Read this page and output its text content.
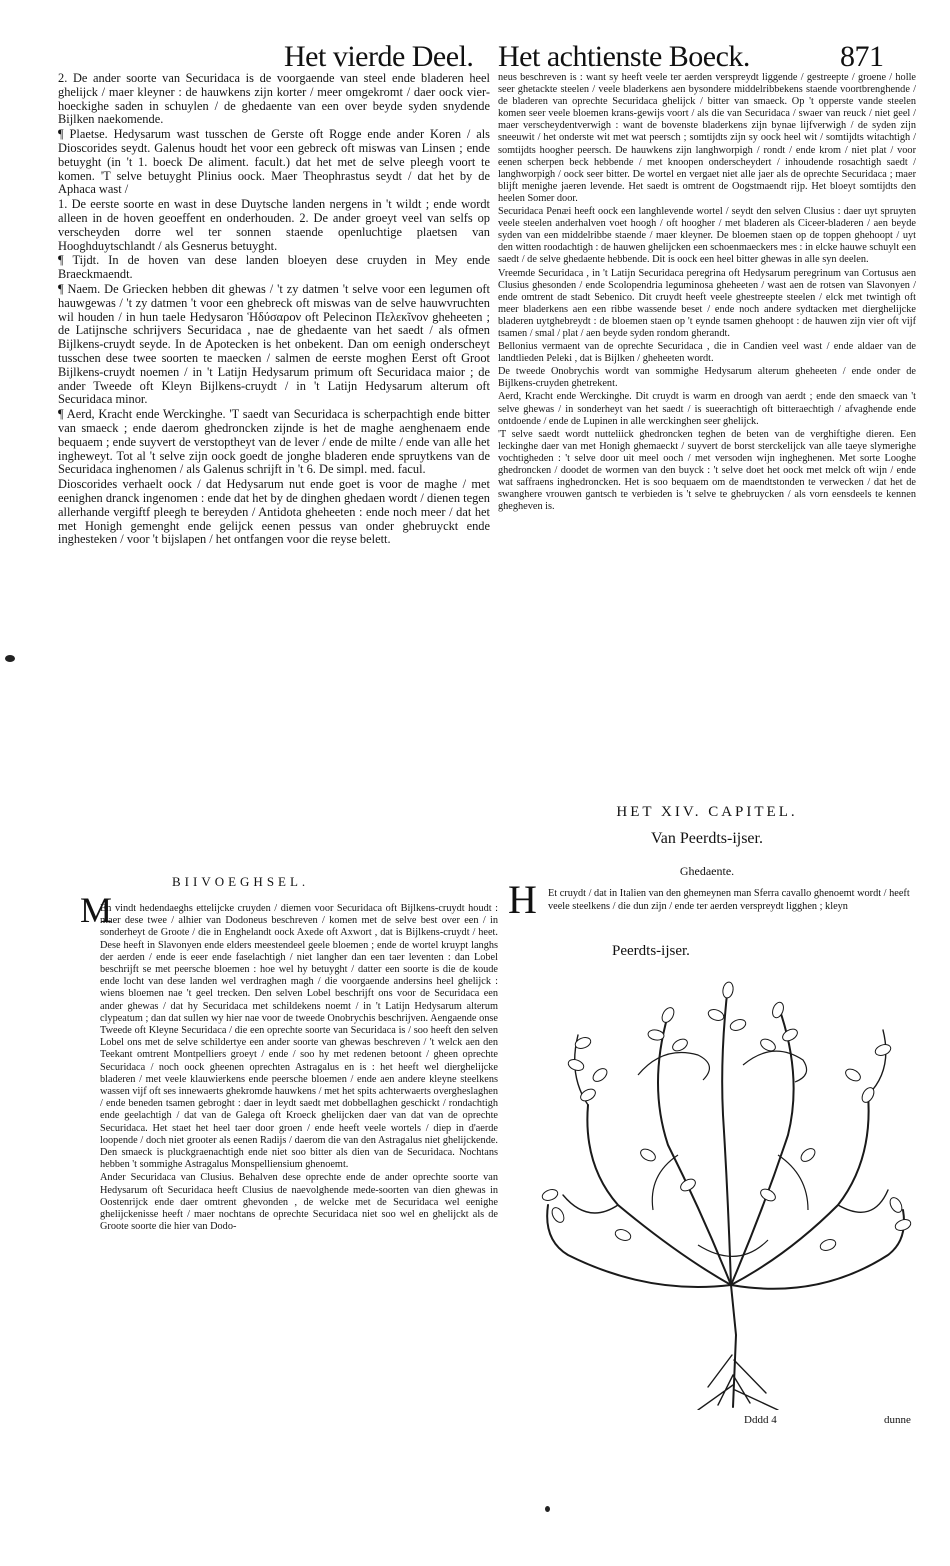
Het vierde Deel. Het achtienste Boeck.	871

2. De ander soorte van Securidaca is de voorgaende van steel ende bladeren heel ghelijck / maer kleyner : de hauwkens zijn korter / meer omgekromt / daer oock vier-hoeckighe saden in schuylen / de ghedaente van een over beyde syden snydende Bijlken naekomende.

¶ Plaetse. Hedysarum wast tusschen de Gerste oft Rogge ende ander Koren / als Dioscorides seydt. Galenus houdt het voor een gebreck oft miswas van Linsen ; ende betuyght (in 't 1. boeck De aliment. facult.) dat het met de selve pleegh voort te komen. 'T selve betuyght Plinius oock. Maer Theophrastus seydt / dat het by de Aphaca wast /

1. De eerste soorte en wast in dese Duytsche landen nergens in 't wildt ; ende wordt alleen in de hoven geoeffent en onderhouden. 2. De ander groeyt veel van selfs op verscheyden dorre wel ter sonnen staende openluchtige plaetsen van Hooghduytschlandt / als Gesnerus betuyght.

¶ Tijdt. In de hoven van dese landen bloeyen dese cruyden in Mey ende Braeckmaendt.

¶ Naem. De Griecken hebben dit ghewas / 't zy datmen 't selve voor een legumen oft hauwgewas / 't zy datmen 't voor een ghebreck oft miswas van de selve hauwvruchten wil houden / in hun taele Hedysaron Ἡδύσαρον oft Pelecinon Πελεκῖνον gheheeten ; de Latijnsche schrijvers Securidaca , nae de ghedaente van het saedt / als ofmen Bijlkens-cruydt seyde. In de Apotecken is het onbekent. Dan om eenigh onderscheyt tusschen dese twee soorten te maecken / salmen de eerste moghen Eerst oft Groot Bijlkens-cruydt noemen / in 't Latijn Hedysarum primum oft Securidaca maior ; de ander Tweede oft Kleyn Bijlkens-cruydt / in 't Latijn Hedysarum alterum oft Securidaca minor.

¶ Aerd, Kracht ende Werckinghe. 'T saedt van Securidaca is scherpachtigh ende bitter van smaeck ; ende daerom ghedroncken zijnde is het de maghe aenghenaem ende bequaem ; ende suyvert de verstoptheyt van de lever / ende de milte / ende van alle het ingheweyt. Tot al 't selve zijn oock goedt de jonghe bladeren ende spruytkens van de Securidaca inghenomen / als Galenus schrijft in 't 6. De simpl. med. facul.

Dioscorides verhaelt oock / dat Hedysarum nut ende goet is voor de maghe / met eenighen dranck ingenomen : ende dat het by de dinghen ghedaen wordt / dienen tegen allerhande vergiftf pleegh te bereyden / Antidota gheheeten : ende noch meer / dat het met Honigh gemenght ende gelijck eenen pessus van onder ghebruyckt ende inghesteken / voor 't bijslapen / het ontfangen voor die reyse belett.

BIIVOEGHSEL.
M

En vindt hedendaeghs ettelijcke cruyden / diemen voor Securidaca oft Bijlkens-cruydt houdt : maer dese twee / alhier van Dodoneus beschreven / komen met de selve best over een / in sonderheyt de Groote / die in Enghelandt oock Axede oft Axwort , dat is Bijlkens-cruydt / heet. Dese heeft in Slavonyen ende elders meestendeel geele bloemen ; ende de wortel kruypt langhs der aerden / ende is eeer ende faselachtigh / niet langher dan een taer leventen : dan Lobel beschrijft se met peersche bloemen : hoe wel hy betuyght / datter een soorte is die de koude ende locht van dese landen wel verdraghen magh / die voorgaende andersins heel ghelijck : wiens bloemen nae 't geel trecken. Den selven Lobel beschrijft ons voor de Securidaca een ander ghewas / dat hy Securidaca met schildekens noemt / in 't Latijn Hedysarum alterum clypeatum ; dan dat sullen wy hier nae voor de tweede Onobrychis beschrijven. Aengaende onse Tweede oft Kleyne Securidaca / die een oprechte soorte van Securidaca is / soo heeft den selven Lobel ons met de selve schildertye een ander soorte van ghewas beschreven / 't welck aen den Teekant omtrent Montpelliers groeyt / ende / soo hy met redenen betoont / gheen oprechte Securidaca / noch oock gheenen oprechten Astragalus en is : het heeft wel dierghelijcke bladeren / met veele klauwierkens ende peersche bloemen / ende aen andere kleyne steelkens wassen vijf oft ses innewaerts ghekromde hauwkens / met het spits achterwaerts overgheslaghen / ende beneden tsamen gebroght : daer in leydt saedt met dobbellaghen geschickt / rondachtigh ende geelachtigh / dat van de Galega oft Kroeck ghelijcken daer van dat van de oprechte Securidaca. Het staet het heel taer door groen / ende heeft veele wortels / diep in d'aerde loopende / doch niet grooter als eenen Radijs / daerom die van den Astragalus niet ghelijckende. Den smaeck is pluckgraenachtigh ende niet soo bitter als dien van de Securidaca. Nochtans hebben 't sommighe Astragalus Monspelliensium ghenoemt.

Ander Securidaca van Clusius. Behalven dese oprechte ende de ander oprechte soorte van Hedysarum oft Securidaca heeft Clusius de naevolghende mede-soorten van dien ghewas in Oostenrijck ende daer omtrent ghevonden , de welcke met de Securidaca wel eenighe ghelijckenisse heeft / maer nochtans de oprechte Securidaca niet soo wel en ghelijckt als de Groote soorte die hier van Dodo-

neus beschreven is : want sy heeft veele ter aerden verspreydt liggende / gestreepte / groene / holle seer ghetackte steelen / veele bladerkens aen bysondere middelribbekens staende voortbrenghende / de bladeren van oprechte Securidaca ghelijck / bitter van smaeck. Op 't opperste vande steelen komen seer veele bloemen krans-gewijs voort / als die van Securidaca / swaer van reuck / niet geel / maer verscheydentverwigh : want de bovenste bladerkens zijn bynae lijfverwigh / de syden zijn sneeuwit / het onderste wit met wat peersch ; somtijdts zijn sy oock heel wit / somtijdts witachtigh / somtijdts hoogher peersch. De hauwkens zijn langhworpigh / rondt / ende krom / niet plat / voor eenen scherpen beck hebbende / met knoopen onderscheydert / inhoudende rosachtigh saedt / langhworpigh / oock seer bitter. De wortel en vergaet niet alle jaer als de oprechte Securidaca ; maer blijft menighe jaeren levende. Het saedt is omtrent de Oogstmaendt rijp. Het bloeyt somtijdts den heelen Somer door.

Securidaca Penæi heeft oock een langhlevende wortel / seydt den selven Clusius : daer uyt spruyten veele steelen anderhalven voet hoogh / oft hoogher / met bladeren als Ciceer-bladeren / aen beyde syden van een middelribbe staende / maer kleyner. De bloemen staen op de toppen ghehoopt / uyt den witten roodachtigh : de hauwen ghelijcken een schoenmaeckers mes : in elcke hauwe schuylt een saedt / de selve ghedaente hebbende. Dit is oock een heel bitter ghewas in alle syn deelen.

Vreemde Securidaca , in 't Latijn Securidaca peregrina oft Hedysarum peregrinum van Cortusus aen Clusius ghesonden / ende Scolopendria leguminosa gheheeten / wast aen de rotsen van Slavonyen / ende omtrent de stadt Sebenico. Dit cruydt heeft veele ghestreepte steelen / elck met twintigh oft meer bladerkens aen een ribbe wassende beset / ende noch andere sydtacken met dierghelijcke bladeren uytghebreydt : de bloemen staen op 't eynde tsamen ghehoopt : de hauwen zijn vier oft vijf tsamen / smal / plat / aen beyde syden rondom gherandt.

Bellonius vermaent van de oprechte Securidaca , die in Candien veel wast / ende aldaer van de landtlieden Peleki , dat is Bijlken / gheheeten wordt.

De tweede Onobrychis wordt van sommighe Hedysarum alterum gheheeten / ende onder de Bijlkens-cruyden ghetrekent.

Aerd, Kracht ende Werckinghe. Dit cruydt is warm en droogh van aerdt ; ende den smaeck van 't selve ghewas / in sonderheyt van het saedt / is sueerachtigh oft bitteraechtigh / afvaghende ende ontdoende / ende de Lupinen in alle werckinghen seer ghelijck.

'T selve saedt wordt nutteliick ghedroncken teghen de beten van de verghiftighe dieren. Een leckinghe daer van met Honigh ghemaeckt / suyvert de borst sterckelijck van alle taeye slymerighe vochtigheden : 't selve door uit meel ooch / met versoden wijn ingheghenen. Met sorte Looghe ghedroncken / doodet de wormen van den buyck : 't selve doet het oock met melck oft wijn / ende wat saffraens inghedroncken. Het is soo bequaem om de maendtstonden te verwecken / dat het de swanghere vrouwen gantsch te verbieden is 't selve te ghebruycken / als vorn eensdeels te kennen ghegheven is.

HET XIV. CAPITEL.
Van Peerdts-ijser.
Ghedaente.
H Et cruydt / dat in Italien van den ghemeynen man Sferra cavallo ghenoemt wordt / heeft veele steelkens / die dun zijn / ende ter aerden verspreydt ligghen ; kleyn

Peerdts-ijser.
Dddd 4	dunne
